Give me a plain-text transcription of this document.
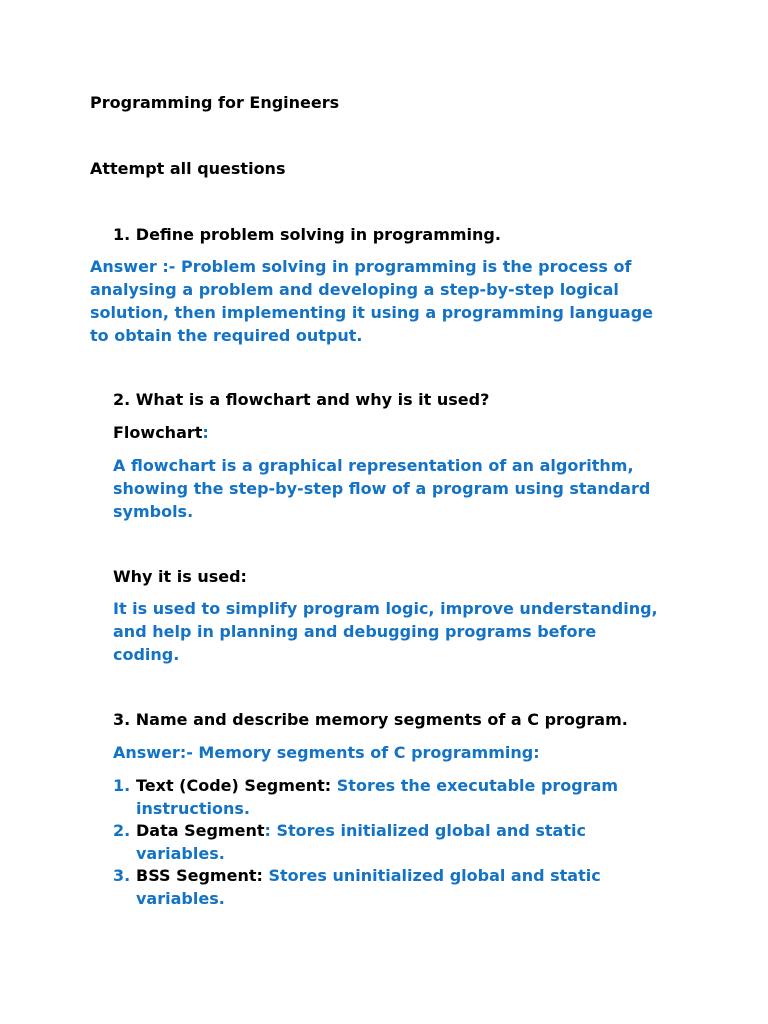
Programming for Engineers
Attempt all questions
1. Define problem solving in programming.
Answer :- Problem solving in programming is the process of
analysing a problem and developing a step-by-step logical
solution, then implementing it using a programming language
to obtain the required output.
2. What is a flowchart and why is it used?
Flowchart:
A flowchart is a graphical representation of an algorithm,
showing the step-by-step flow of a program using standard
symbols.
Why it is used:
It is used to simplify program logic, improve understanding,
and help in planning and debugging programs before
coding.
3. Name and describe memory segments of a C program.
Answer:- Memory segments of C programming:
1. Text (Code) Segment: Stores the executable program
instructions.
2. Data Segment: Stores initialized global and static
variables.
3. BSS Segment: Stores uninitialized global and static
variables.
